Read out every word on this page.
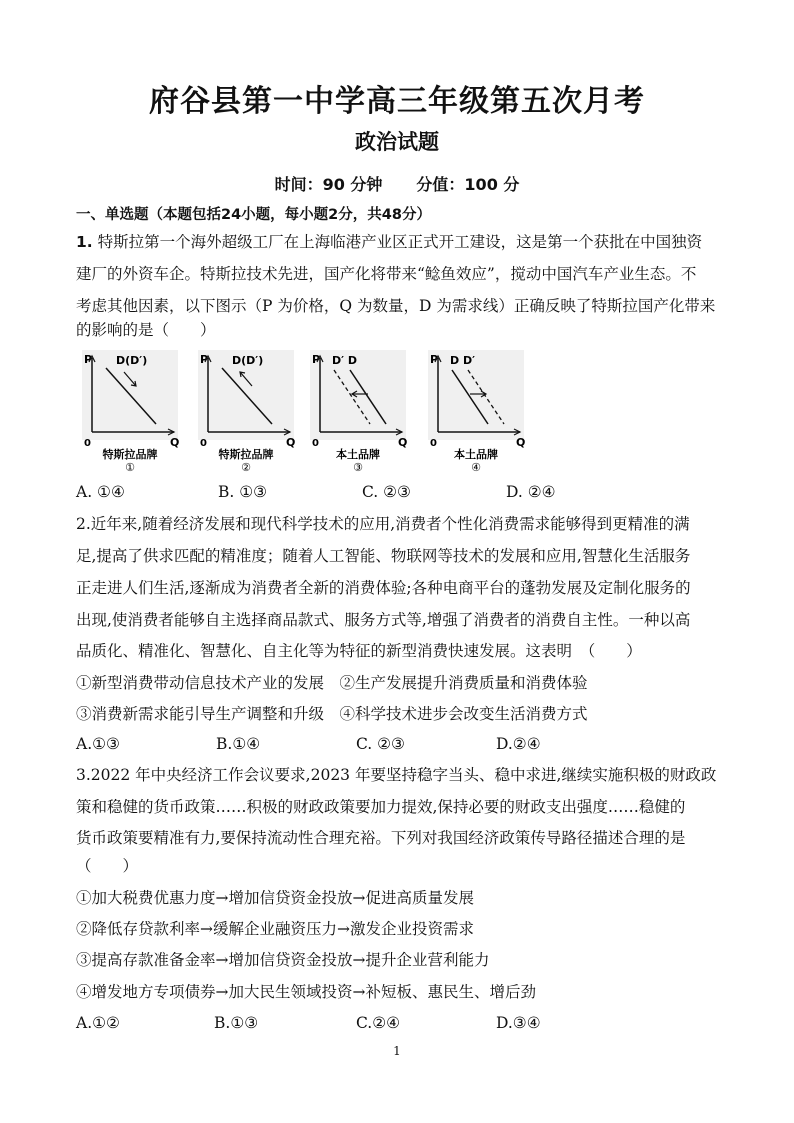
府谷县第一中学高三年级第五次月考
政治试题
时间：90 分钟 分值：100 分
一、单选题（本题包括24小题，每小题2分，共48分）
1. 特斯拉第一个海外超级工厂在上海临港产业区正式开工建设，这是第一个获批在中国独资
建厂的外资车企。特斯拉技术先进，国产化将带来“鲶鱼效应”，搅动中国汽车产业生态。不
考虑其他因素，以下图示（P 为价格，Q 为数量，D 为需求线）正确反映了特斯拉国产化带来
的影响的是（　　）
P
Q
0
D(D′)
特斯拉品牌
①
P
Q
0
D(D′)
特斯拉品牌
②
P
Q
0
D′ D
本土品牌
③
P
Q
0
D D′
本土品牌
④
A. ①④	B. ①③	C. ②③	D. ②④
2.近年来,随着经济发展和现代科学技术的应用,消费者个性化消费需求能够得到更精准的满
足,提高了供求匹配的精准度；随着人工智能、物联网等技术的发展和应用,智慧化生活服务
正走进人们生活,逐渐成为消费者全新的消费体验;各种电商平台的蓬勃发展及定制化服务的
出现,使消费者能够自主选择商品款式、服务方式等,增强了消费者的消费自主性。一种以高
品质化、精准化、智慧化、自主化等为特征的新型消费快速发展。这表明　（　　）
①新型消费带动信息技术产业的发展　②生产发展提升消费质量和消费体验
③消费新需求能引导生产调整和升级　④科学技术进步会改变生活消费方式
A.①③	B.①④	C. ②③	D.②④
3.2022 年中央经济工作会议要求,2023 年要坚持稳字当头、稳中求进,继续实施积极的财政政
策和稳健的货币政策……积极的财政政策要加力提效,保持必要的财政支出强度……稳健的
货币政策要精准有力,要保持流动性合理充裕。下列对我国经济政策传导路径描述合理的是
（　　）
①加大税费优惠力度→增加信贷资金投放→促进高质量发展
②降低存贷款利率→缓解企业融资压力→激发企业投资需求
③提高存款准备金率→增加信贷资金投放→提升企业营利能力
④增发地方专项债券→加大民生领域投资→补短板、惠民生、增后劲
A.①②	B.①③	C.②④	D.③④
1
